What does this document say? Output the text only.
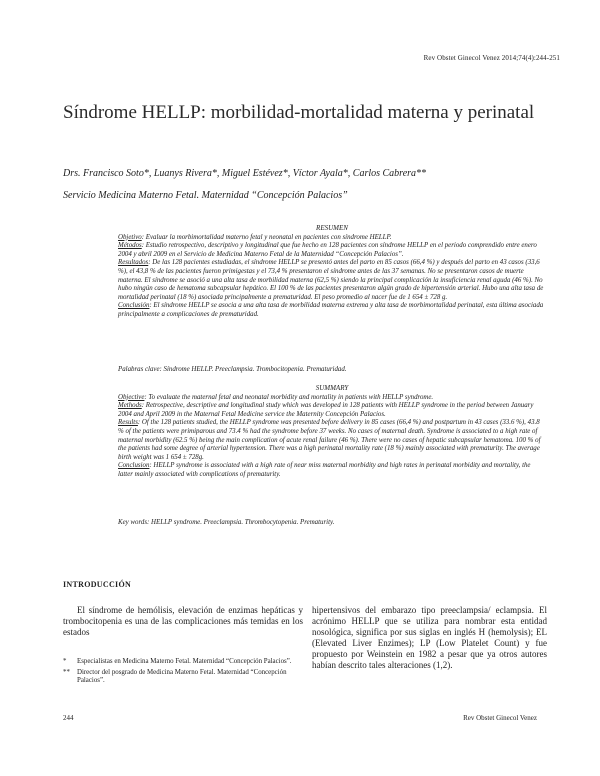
Rev Obstet Ginecol Venez 2014;74(4):244-251
Síndrome HELLP: morbilidad-mortalidad materna y perinatal
Drs. Francisco Soto*, Luanys Rivera*, Miguel Estévez*, Víctor Ayala*, Carlos Cabrera**
Servicio Medicina Materno Fetal. Maternidad “Concepción Palacios”

RESUMEN

Objetivo: Evaluar la morbimortalidad materno fetal y neonatal en pacientes con síndrome HELLP.

Métodos: Estudio retrospectivo, descriptivo y longitudinal que fue hecho en 128 pacientes con síndrome HELLP en el periodo comprendido entre enero 2004 y abril 2009 en el Servicio de Medicina Materno Fetal de la Maternidad “Concepción Palacios”.

Resultados: De las 128 pacientes estudiadas, el síndrome HELLP se presentó antes del parto en 85 casos (66,4 %) y después del parto en 43 casos (33,6 %), el 43,8 % de las pacientes fueron primigestas y el 73,4 % presentaron el síndrome antes de las 37 semanas. No se presentaron casos de muerte materna. El síndrome se asoció a una alta tasa de morbilidad materna (62,5 %) siendo la principal complicación la insuficiencia renal aguda (46 %). No hubo ningún caso de hematoma subcapsular hepático. El 100 % de las pacientes presentaron algún grado de hipertensión arterial. Hubo una alta tasa de mortalidad perinatal (18 %) asociada principalmente a prematuridad. El peso promedio al nacer fue de 1 654 ± 728 g.

Conclusión: El síndrome HELLP se asocia a una alta tasa de morbilidad materna extrema y alta tasa de morbimortalidad perinatal, esta última asociada principalmente a complicaciones de prematuridad.

Palabras clave: Síndrome HELLP. Preeclampsia. Trombocitopenia. Prematuridad.

SUMMARY

Objective: To evaluate the maternal fetal and neonatal morbidity and mortality in patients with HELLP syndrome.

Methods: Retrospective, descriptive and longitudinal study which was developed in 128 patients with HELLP syndrome in the period between January 2004 and April 2009 in the Maternal Fetal Medicine service the Maternity Concepción Palacios.

Results: Of the 128 patients studied, the HELLP syndrome was presented before delivery in 85 cases (66,4 %) and postpartum in 43 cases (33.6 %), 43.8 % of the patients were primiparous and 73.4 % had the syndrome before 37 weeks. No cases of maternal death. Syndrome is associated to a high rate of maternal morbidity (62.5 %) being the main complication of acute renal failure (46 %). There were no cases of hepatic subcapsular hematoma. 100 % of the patients had some degree of arterial hypertension. There was a high perinatal mortality rate (18 %) mainly associated with prematurity. The average birth weight was 1 654 ± 728g.

Conclusion: HELLP syndrome is associated with a high rate of near miss maternal morbidity and high rates in perinatal morbidity and mortality, the latter mainly associated with complications of prematurity.

Key words: HELLP syndrome. Preeclampsia. Thrombocytopenia. Prematurity.
INTRODUCCIÓN

El síndrome de hemólisis, elevación de enzimas hepáticas y trombocitopenia es una de las complicaciones más temidas en los estados

hipertensivos del embarazo tipo preeclampsia/ eclampsia. El acrónimo HELLP que se utiliza para nombrar esta entidad nosológica, significa por sus siglas en inglés H (hemolysis); EL (Elevated Liver Enzimes); LP (Low Platelet Count) y fue propuesto por Weinstein en 1982 a pesar que ya otros autores habían descrito tales alteraciones (1,2).

*	Especialistas en Medicina Materno Fetal. Maternidad “Concepción Palacios”.
**	Director del posgrado de Medicina Materno Fetal. Maternidad “Concepción Palacios”.
244	Rev Obstet Ginecol Venez
